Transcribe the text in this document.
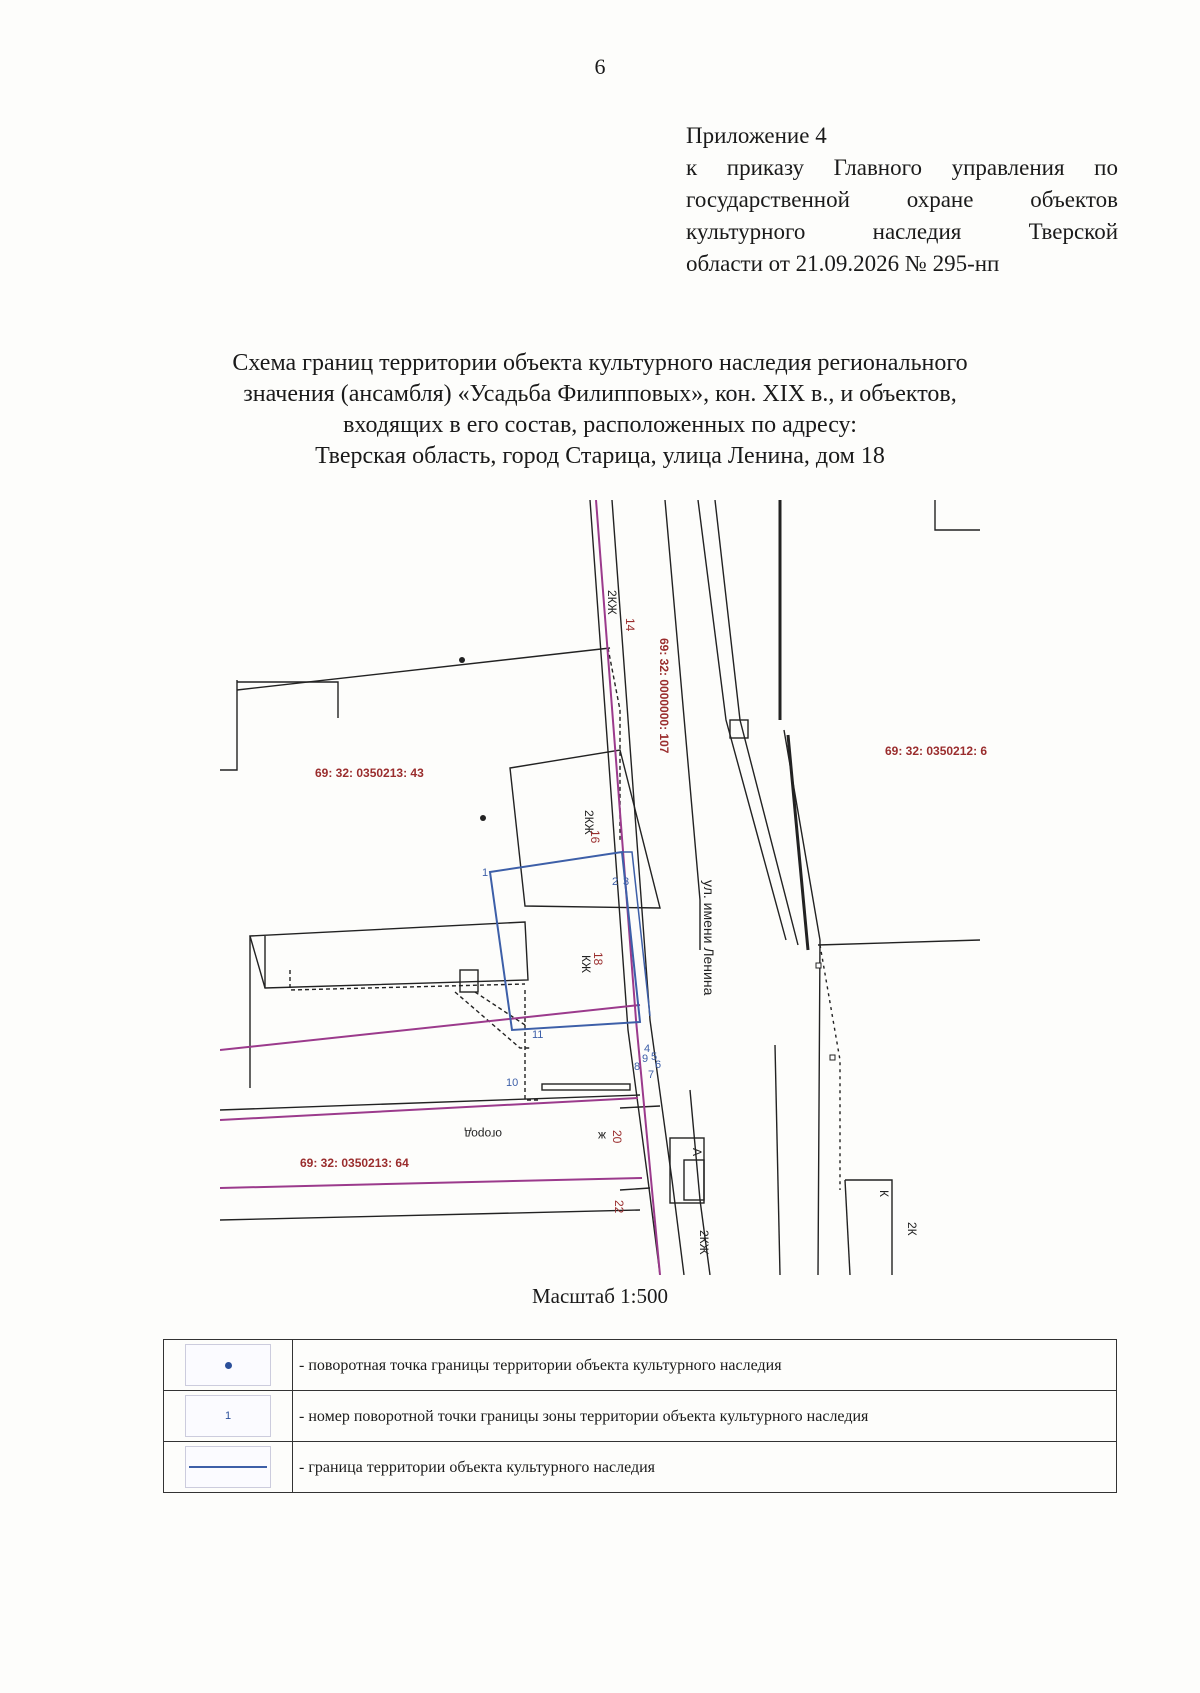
6
Приложение 4
к приказу Главного управления по
государственной охране объектов
культурного наследия Тверской
области от 21.09.2026 № 295-нп
Схема границ территории объекта культурного наследия регионального
значения (ансамбля) «Усадьба Филипповых», кон. XIX в., и объектов,
входящих в его состав, расположенных по адресу:
Тверская область, город Старица, улица Ленина, дом 18
1
2 3
4
5
6
7
8
9
10
11
69: 32: 0350213: 43
69: 32: 0350213: 64
69: 32: 0350212: 6
69: 32: 0000000: 107
ул. имени Ленина
2КЖ
2КЖ
16
КЖ
18
2КЖ
К
2К
А
огород	ж 20
22
14
Масштаб 1:500
	- поворотная точка границы территории объекта культурного наследия

1	- номер поворотной точки границы зоны территории объекта культурного наследия

	- граница территории объекта культурного наследия
